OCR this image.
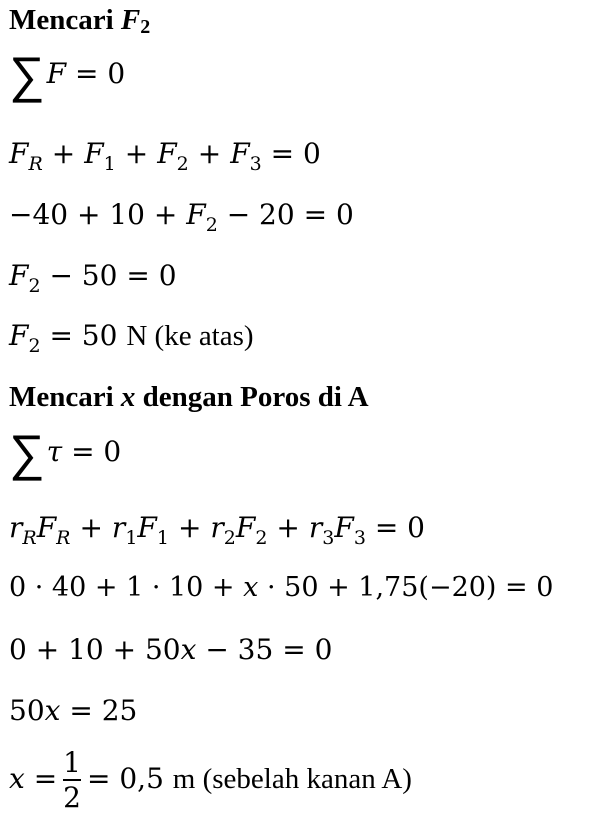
Mencari $F_2$
∑F = 0
$F_R + F_1 + F_2 + F_3 = 0$
$-40 + 10 + F_2 - 20 = 0$
$F_2 - 50 = 0$
$F_2 = 50$ N (ke atas)
Mencari x dengan Poros di A
∑τ = 0
$r_RF_R + r_1F_1 + r_2F_2 + r_3F_3 = 0$
0 · 40 + 1 · 10 + x · 50 + 1,75(−20) = 0
0 + 10 + 50x − 35 = 0
50x = 25
$x = \frac{1}{2} = 0,5$ m (sebelah kanan A)
